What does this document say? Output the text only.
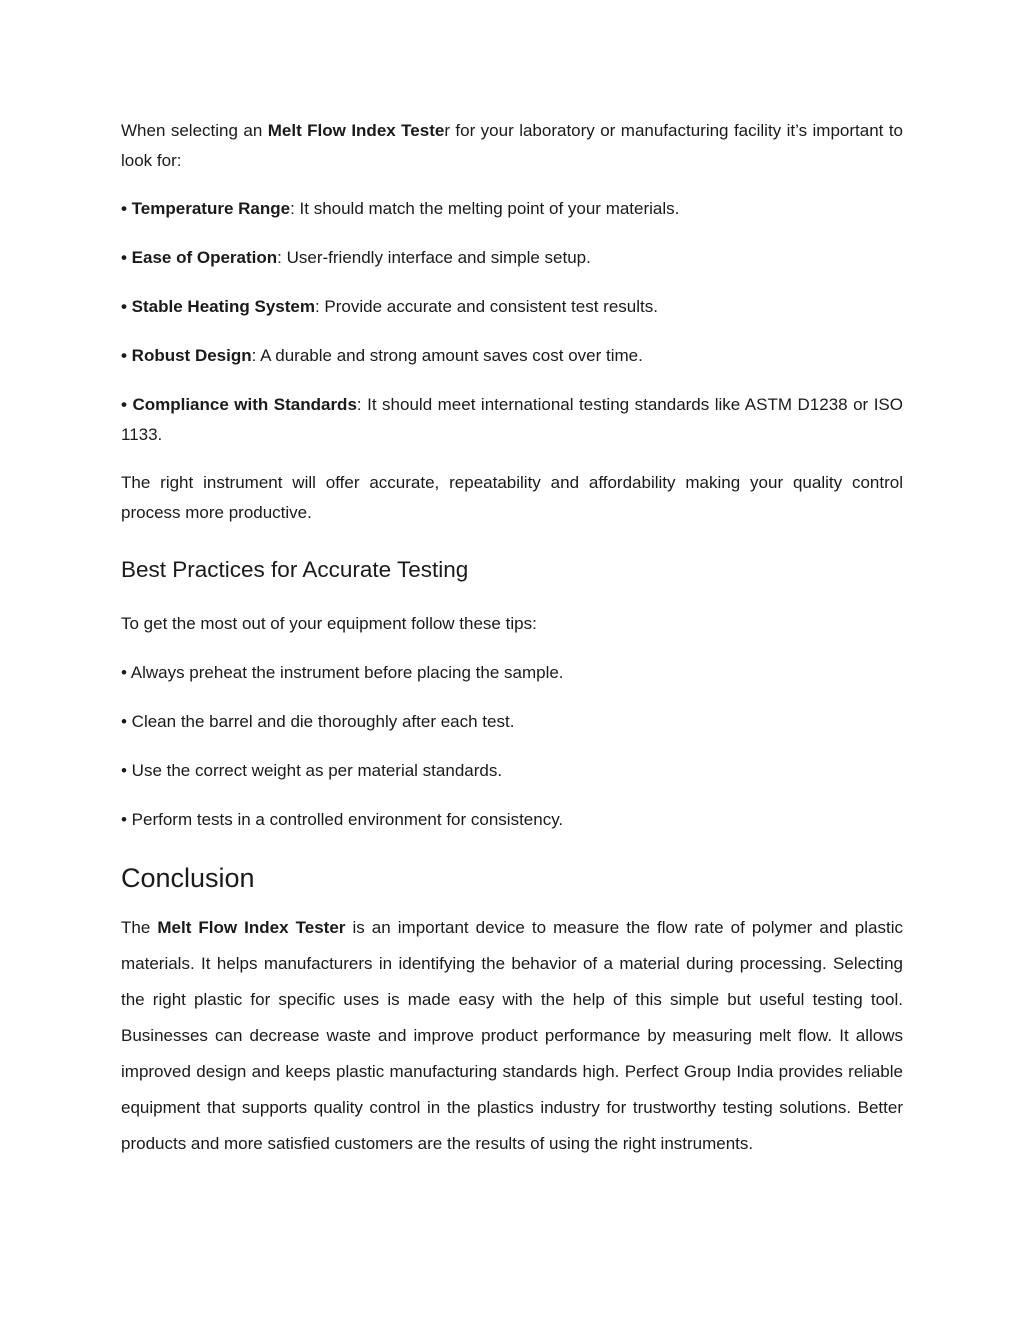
When selecting an Melt Flow Index Tester for your laboratory or manufacturing facility it’s important to look for:

• Temperature Range: It should match the melting point of your materials.

• Ease of Operation: User-friendly interface and simple setup.

• Stable Heating System: Provide accurate and consistent test results.

• Robust Design: A durable and strong amount saves cost over time.

• Compliance with Standards: It should meet international testing standards like ASTM D1238 or ISO 1133.

The right instrument will offer accurate, repeatability and affordability making your quality control process more productive.

Best Practices for Accurate Testing

To get the most out of your equipment follow these tips:

• Always preheat the instrument before placing the sample.

• Clean the barrel and die thoroughly after each test.

• Use the correct weight as per material standards.

• Perform tests in a controlled environment for consistency.

Conclusion

The Melt Flow Index Tester is an important device to measure the flow rate of polymer and plastic materials. It helps manufacturers in identifying the behavior of a material during processing. Selecting the right plastic for specific uses is made easy with the help of this simple but useful testing tool. Businesses can decrease waste and improve product performance by measuring melt flow. It allows improved design and keeps plastic manufacturing standards high. Perfect Group India provides reliable equipment that supports quality control in the plastics industry for trustworthy testing solutions. Better products and more satisfied customers are the results of using the right instruments.
